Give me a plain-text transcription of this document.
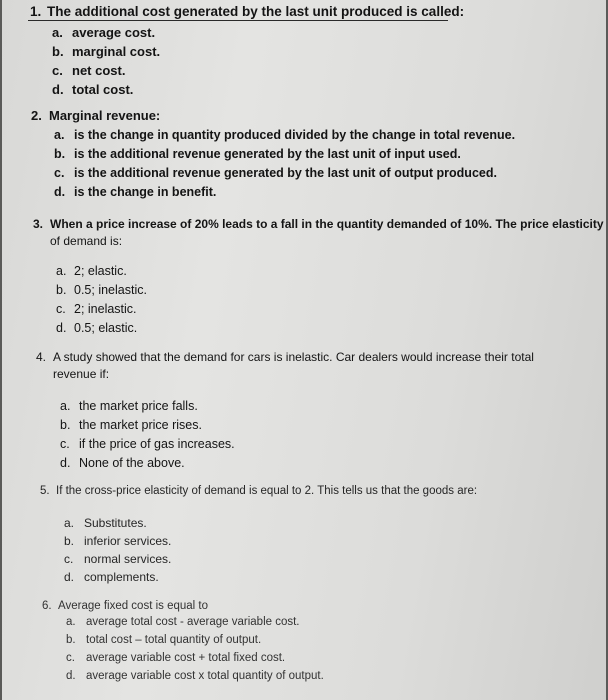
1. The additional cost generated by the last unit produced is called:
a. average cost.
b. marginal cost.
c. net cost.
d. total cost.
2. Marginal revenue:
a. is the change in quantity produced divided by the change in total revenue.
b. is the additional revenue generated by the last unit of input used.
c. is the additional revenue generated by the last unit of output produced.
d. is the change in benefit.
3. When a price increase of 20% leads to a fall in the quantity demanded of 10%. The price elasticity
of demand is:
a. 2; elastic.
b. 0.5; inelastic.
c. 2; inelastic.
d. 0.5; elastic.
4. A study showed that the demand for cars is inelastic. Car dealers would increase their total
revenue if:
a. the market price falls.
b. the market price rises.
c. if the price of gas increases.
d. None of the above.
5. If the cross-price elasticity of demand is equal to 2. This tells us that the goods are:
a. Substitutes.
b. inferior services.
c. normal services.
d. complements.
6. Average fixed cost is equal to
a. average total cost - average variable cost.
b. total cost – total quantity of output.
c. average variable cost + total fixed cost.
d. average variable cost x total quantity of output.
